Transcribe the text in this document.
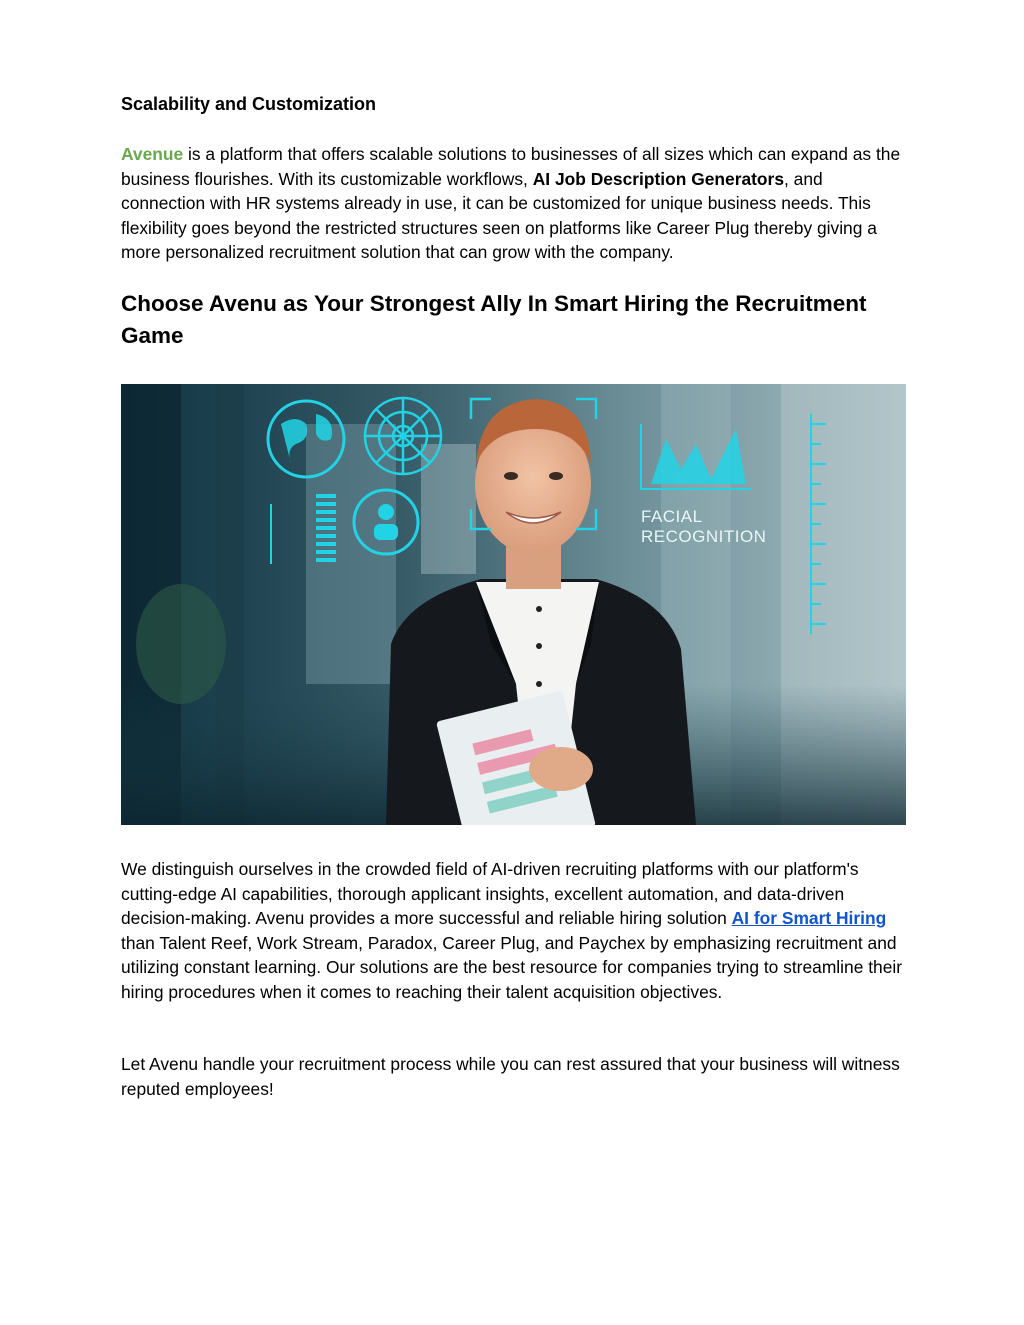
Scalability and Customization

Avenue is a platform that offers scalable solutions to businesses of all sizes which can expand as the business flourishes. With its customizable workflows, AI Job Description Generators, and connection with HR systems already in use, it can be customized for unique business needs. This flexibility goes beyond the restricted structures seen on platforms like Career Plug thereby giving a more personalized recruitment solution that can grow with the company.

Choose Avenu as Your Strongest Ally In Smart Hiring the Recruitment Game
FACIAL
RECOGNITION

We distinguish ourselves in the crowded field of AI-driven recruiting platforms with our platform's cutting-edge AI capabilities, thorough applicant insights, excellent automation, and data-driven decision-making. Avenu provides a more successful and reliable hiring solution AI for Smart Hiring than Talent Reef, Work Stream, Paradox, Career Plug, and Paychex by emphasizing recruitment and utilizing constant learning. Our solutions are the best resource for companies trying to streamline their hiring procedures when it comes to reaching their talent acquisition objectives.

Let Avenu handle your recruitment process while you can rest assured that your business will witness reputed employees!
